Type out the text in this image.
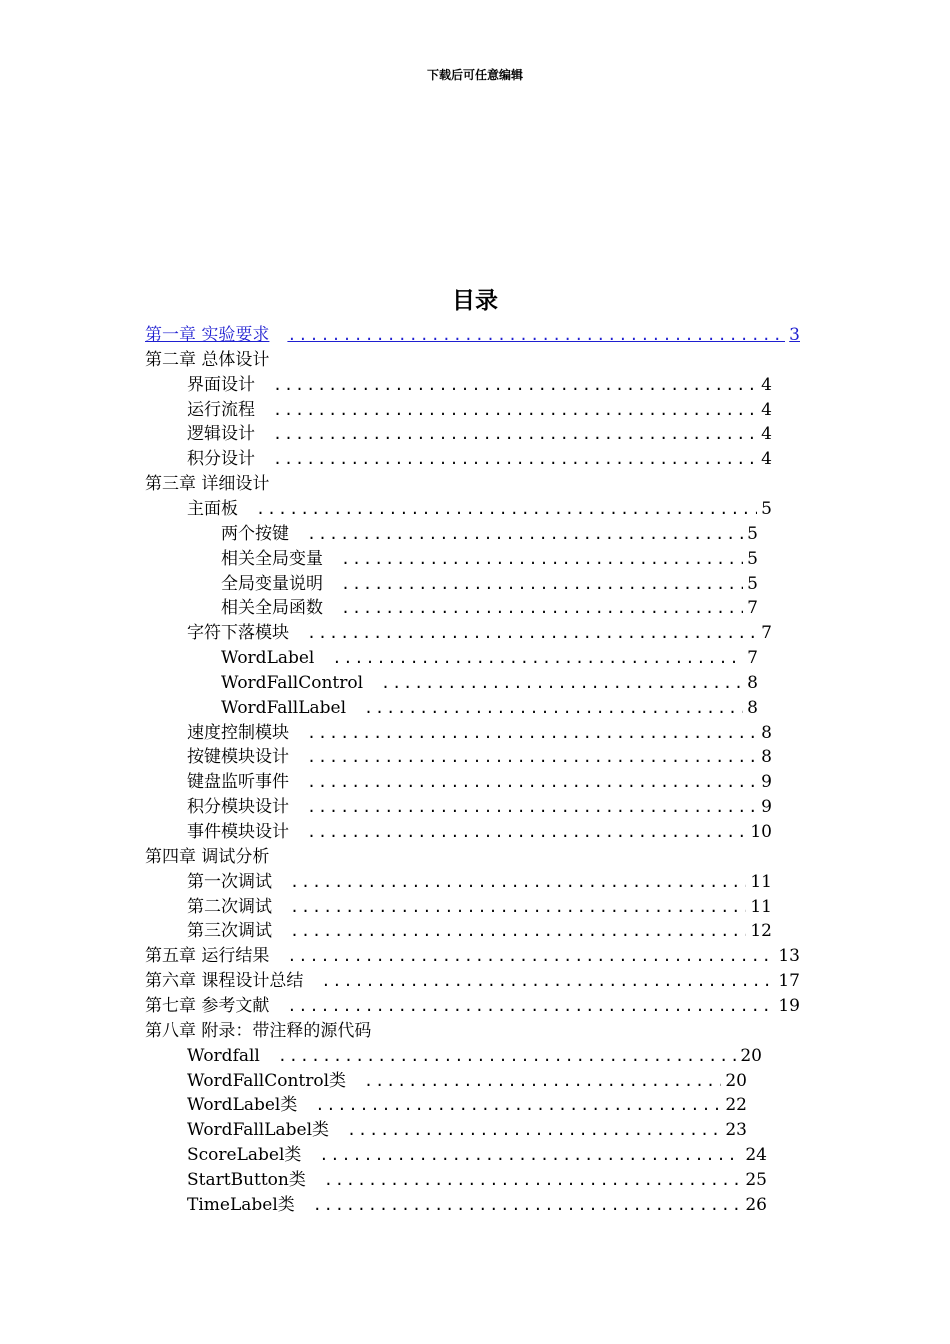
下载后可任意编辑
目录
第一章 实验要求 .....	3
第二章 总体设计
界面设计 .....	4
运行流程 .....	4
逻辑设计 .....	4
积分设计 .....	4
第三章 详细设计
主面板 .....	5
两个按键 .....	5
相关全局变量 .....	5
全局变量说明 .....	5
相关全局函数 .....	7
字符下落模块 .....	7
WordLabel .....	7
WordFallControl .....	8
WordFallLabel .....	8
速度控制模块 .....	8
按键模块设计 .....	8
键盘监听事件 .....	9
积分模块设计 .....	9
事件模块设计 .....	10
第四章 调试分析
第一次调试 .....	11
第二次调试 .....	11
第三次调试 .....	12
第五章 运行结果 .....	13
第六章 课程设计总结 .....	17
第七章 参考文献 .....	19
第八章 附录：带注释的源代码
Wordfall .....	20
WordFallControl类 .....	20
WordLabel类 .....	22
WordFallLabel类 .....	23
ScoreLabel类 .....	24
StartButton类 .....	25
TimeLabel类 .....	26
